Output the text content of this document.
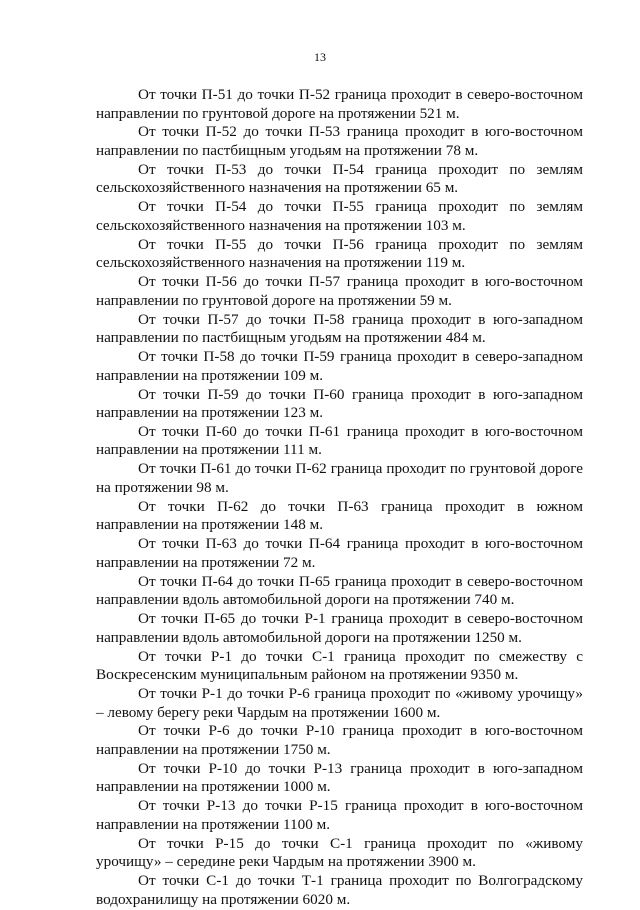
13

От точки П-51 до точки П-52 граница проходит в северо-восточном направлении по грунтовой дороге на протяжении 521 м.

От точки П-52 до точки П-53 граница проходит в юго-восточном направлении по пастбищным угодьям на протяжении 78 м.

От точки П-53 до точки П-54 граница проходит по землям сельскохозяйственного назначения на протяжении 65 м.

От точки П-54 до точки П-55 граница проходит по землям сельскохозяйственного назначения на протяжении 103 м.

От точки П-55 до точки П-56 граница проходит по землям сельскохозяйственного назначения на протяжении 119 м.

От точки П-56 до точки П-57 граница проходит в юго-восточном направлении по грунтовой дороге на протяжении 59 м.

От точки П-57 до точки П-58 граница проходит в юго-западном направлении по пастбищным угодьям на протяжении 484 м.

От точки П-58 до точки П-59 граница проходит в северо-западном направлении на протяжении 109 м.

От точки П-59 до точки П-60 граница проходит в юго-западном направлении на протяжении 123 м.

От точки П-60 до точки П-61 граница проходит в юго-восточном направлении на протяжении 111 м.

От точки П-61 до точки П-62 граница проходит по грунтовой дороге на протяжении 98 м.

От точки П-62 до точки П-63 граница проходит в южном направлении на протяжении 148 м.

От точки П-63 до точки П-64 граница проходит в юго-восточном направлении на протяжении 72 м.

От точки П-64 до точки П-65 граница проходит в северо-восточном направлении вдоль автомобильной дороги на протяжении 740 м.

От точки П-65 до точки Р-1 граница проходит в северо-восточном направлении вдоль автомобильной дороги на протяжении 1250 м.

От точки Р-1 до точки С-1 граница проходит по смежеству с Воскресенским муниципальным районом на протяжении 9350 м.

От точки Р-1 до точки Р-6 граница проходит по «живому урочищу» – левому берегу реки Чардым на протяжении 1600 м.

От точки Р-6 до точки Р-10 граница проходит в юго-восточном направлении на протяжении 1750 м.

От точки Р-10 до точки Р-13 граница проходит в юго-западном направлении на протяжении 1000 м.

От точки Р-13 до точки Р-15 граница проходит в юго-восточном направлении на протяжении 1100 м.

От точки Р-15 до точки С-1 граница проходит по «живому урочищу» – середине реки Чардым на протяжении 3900 м.

От точки С-1 до точки Т-1 граница проходит по Волгоградскому водохранилищу на протяжении 6020 м.
